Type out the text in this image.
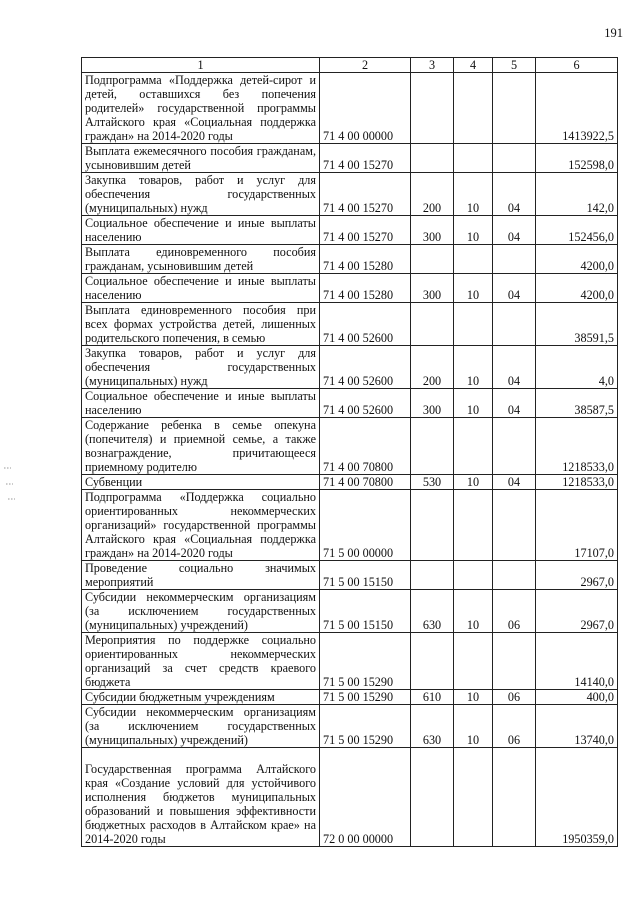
191
1	2	3	4	5	6
Подпрограмма «Поддержка детей-сирот и детей, оставшихся без попечения родителей» государственной программы Алтайского края «Социальная поддержка граждан» на 2014-2020 годы	71 4 00 00000				1413922,5
Выплата ежемесячного пособия гражданам, усыновившим детей	71 4 00 15270				152598,0
Закупка товаров, работ и услуг для обеспечения государственных (муниципальных) нужд	71 4 00 15270	200	10	04	142,0
Социальное обеспечение и иные выплаты населению	71 4 00 15270	300	10	04	152456,0
Выплата единовременного пособия гражданам, усыновившим детей	71 4 00 15280				4200,0
Социальное обеспечение и иные выплаты населению	71 4 00 15280	300	10	04	4200,0
Выплата единовременного пособия при всех формах устройства детей, лишенных родительского попечения, в семью	71 4 00 52600				38591,5
Закупка товаров, работ и услуг для обеспечения государственных (муниципальных) нужд	71 4 00 52600	200	10	04	4,0
Социальное обеспечение и иные выплаты населению	71 4 00 52600	300	10	04	38587,5
Содержание ребенка в семье опекуна (попечителя) и приемной семье, а также вознаграждение, причитающееся приемному родителю	71 4 00 70800				1218533,0
Субвенции	71 4 00 70800	530	10	04	1218533,0
Подпрограмма «Поддержка социально ориентированных некоммерческих организаций» государственной программы Алтайского края «Социальная поддержка граждан» на 2014-2020 годы	71 5 00 00000				17107,0
Проведение социально значимых мероприятий	71 5 00 15150				2967,0
Субсидии некоммерческим организациям (за исключением государственных (муниципальных) учреждений)	71 5 00 15150	630	10	06	2967,0
Мероприятия по поддержке социально ориентированных некоммерческих организаций за счет средств краевого бюджета	71 5 00 15290				14140,0
Субсидии бюджетным учреждениям	71 5 00 15290	610	10	06	400,0
Субсидии некоммерческим организациям (за исключением государственных (муниципальных) учреждений)	71 5 00 15290	630	10	06	13740,0
Государственная программа Алтайского края «Создание условий для устойчивого исполнения бюджетов муниципальных образований и повышения эффективности бюджетных расходов в Алтайском крае» на 2014-2020 годы	72 0 00 00000				1950359,0
